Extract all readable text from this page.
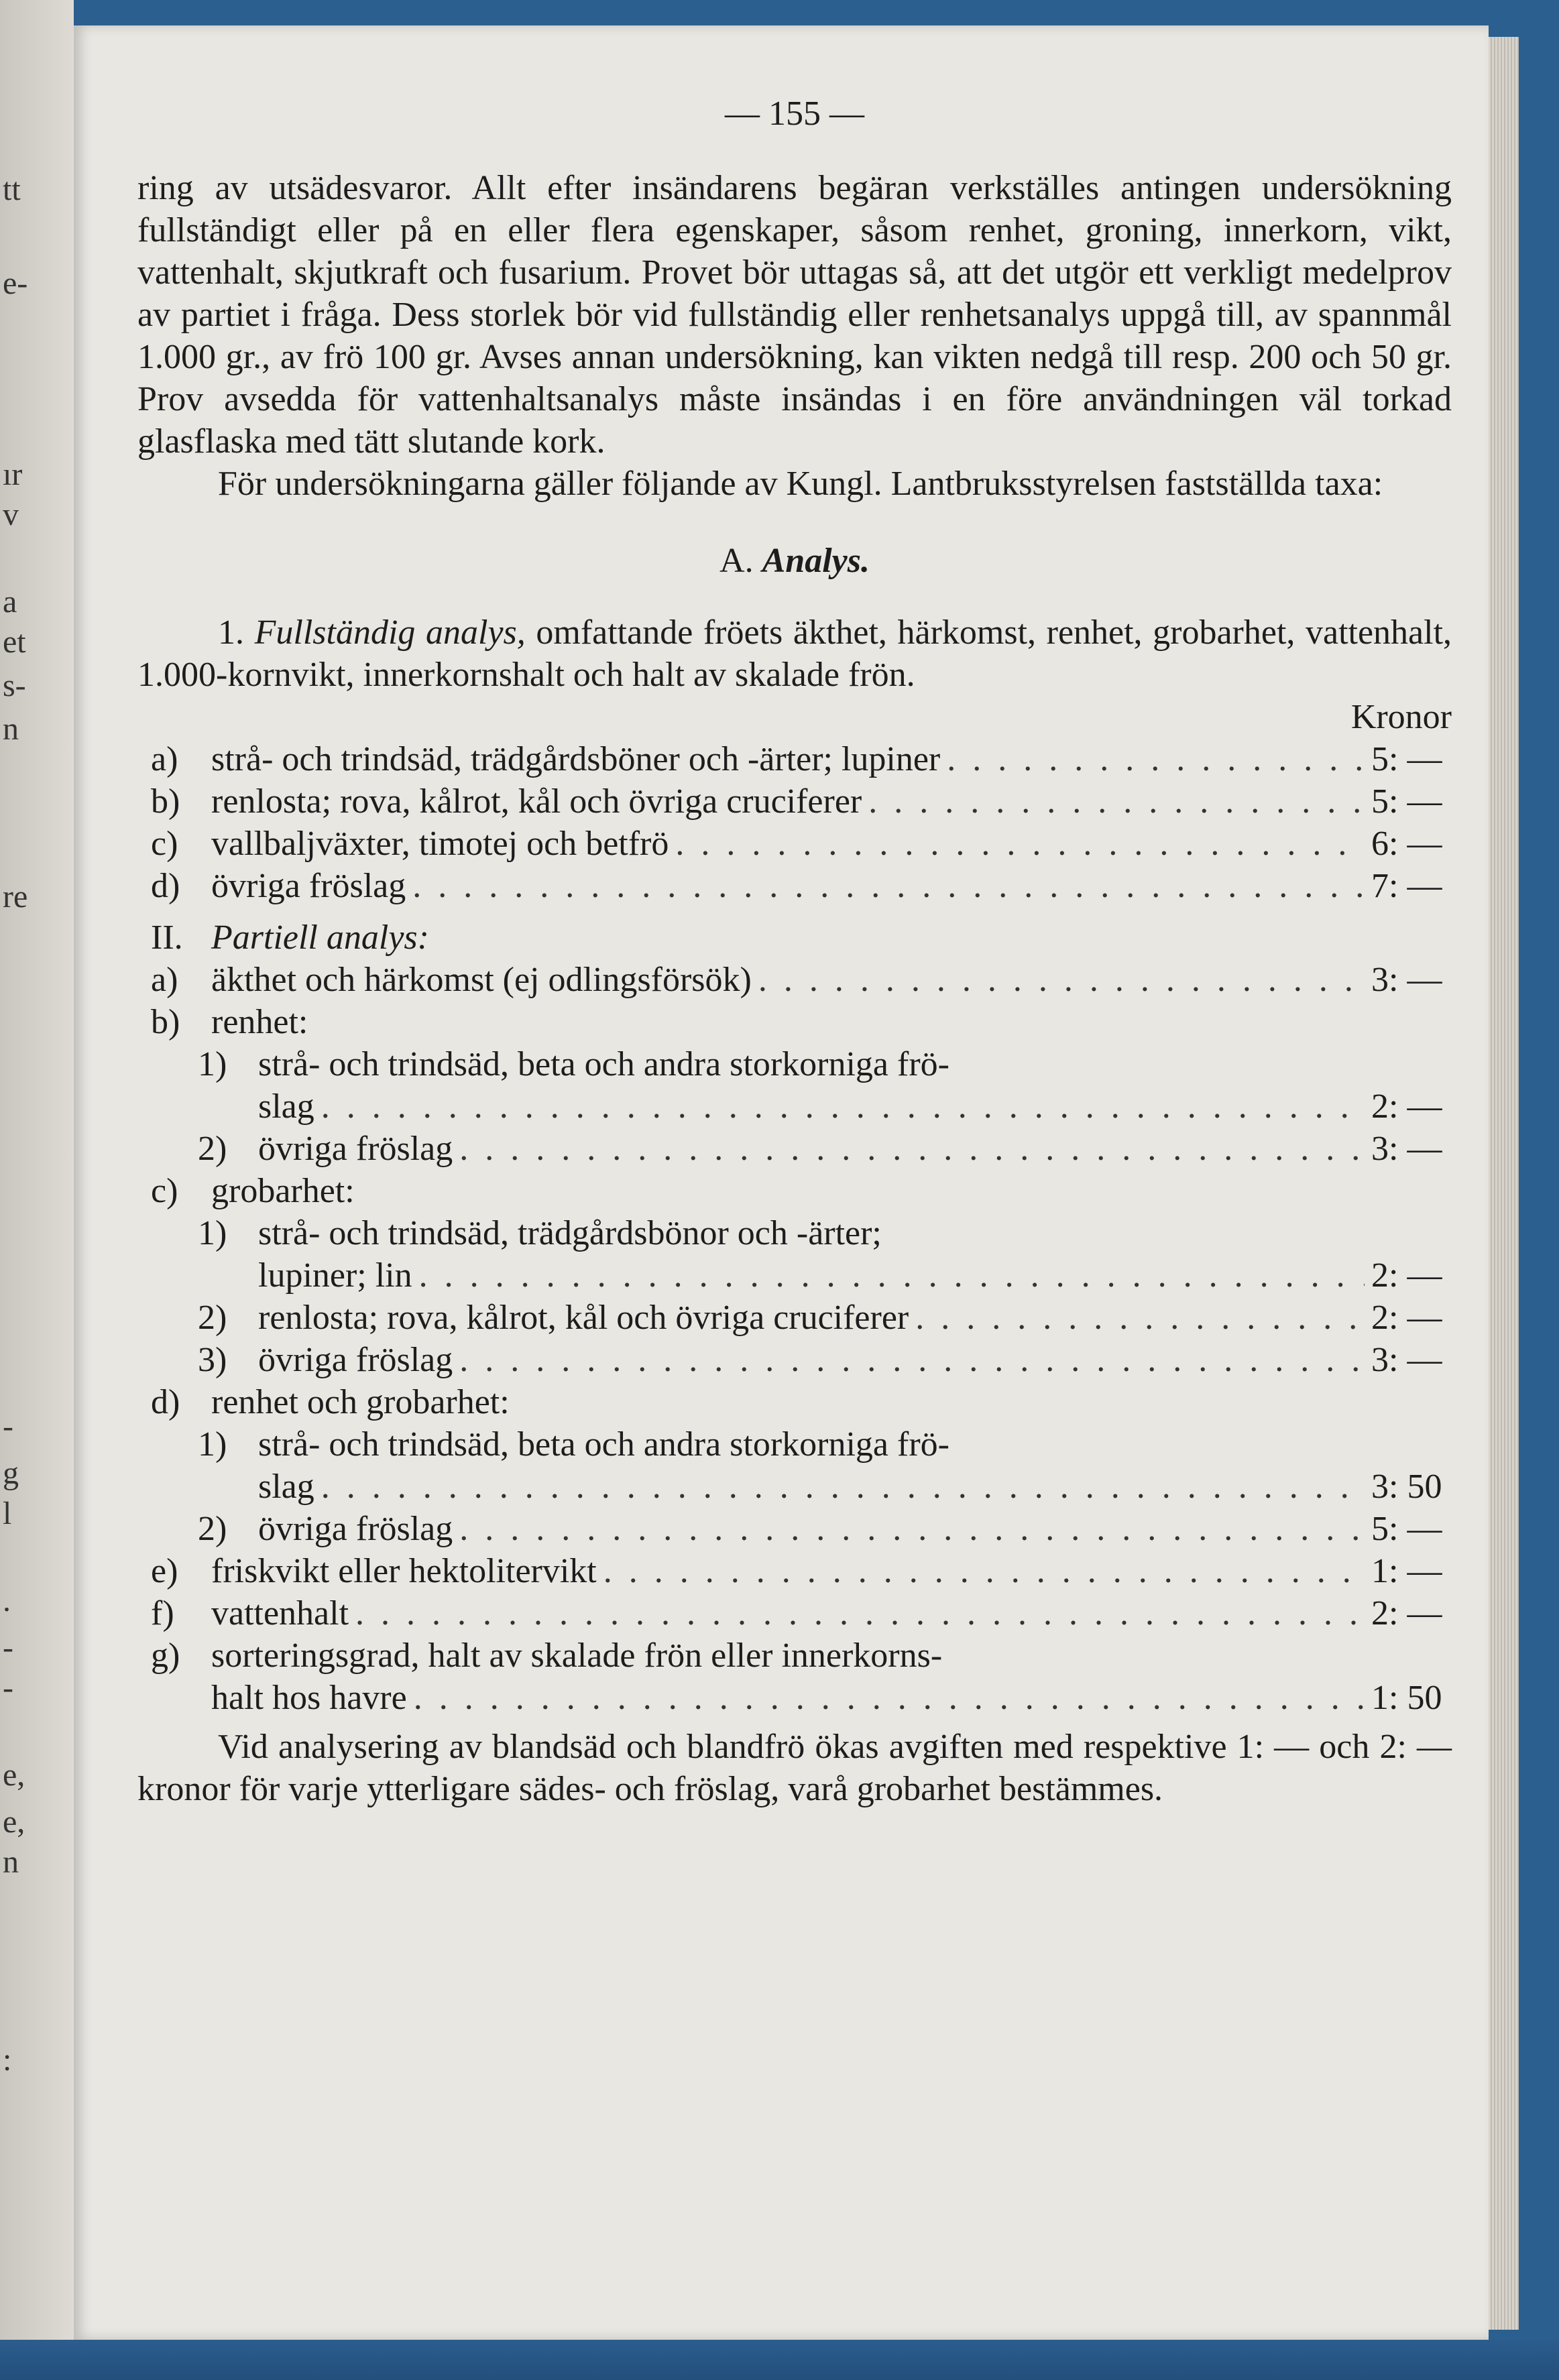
tt
e-
ır
v
a
et
s-
n
re
-
g
l
.
-
-
e,
e,
n
:
— 155 —

ring av utsädesvaror. Allt efter insändarens begäran verkställes antingen undersökning fullständigt eller på en eller flera egenskaper, såsom renhet, groning, innerkorn, vikt, vattenhalt, skjutkraft och fusarium. Provet bör uttagas så, att det utgör ett verkligt medelprov av partiet i fråga. Dess storlek bör vid fullständig eller renhetsanalys uppgå till, av spannmål 1.000 gr., av frö 100 gr. Avses annan undersökning, kan vikten nedgå till resp. 200 och 50 gr. Prov avsedda för vattenhaltsanalys måste insändas i en före användningen väl torkad glasflaska med tätt slutande kork.

För undersökningarna gäller följande av Kungl. Lantbruksstyrelsen fastställda taxa:

A. Analys.

1. Fullständig analys, omfattande fröets äkthet, härkomst, renhet, grobarhet, vattenhalt, 1.000-kornvikt, innerkornshalt och halt av skalade frön.

Kronor
a) strå- och trindsäd, trädgårdsböner och -ärter; lupiner . . .	5: —
b) renlosta; rova, kålrot, kål och övriga cruciferer . . .	5: —
c) vallbaljväxter, timotej och betfrö . . .	6: —
d) övriga fröslag . . .	7: —
II. Partiell analys:
a) äkthet och härkomst (ej odlingsförsök) . . .	3: —
b) renhet:
1) strå- och trindsäd, beta och andra storkorniga frö-
slag . . .	2: —
2) övriga fröslag . . .	3: —
c) grobarhet:
1) strå- och trindsäd, trädgårdsbönor och -ärter;
lupiner; lin . . .	2: —
2) renlosta; rova, kålrot, kål och övriga cruciferer . . .	2: —
3) övriga fröslag . . .	3: —
d) renhet och grobarhet:
1) strå- och trindsäd, beta och andra storkorniga frö-
slag . . .	3: 50
2) övriga fröslag . . .	5: —
e) friskvikt eller hektolitervikt . . .	1: —
f) vattenhalt . . .	2: —
g) sorteringsgrad, halt av skalade frön eller innerkorns-
halt hos havre . . .	1: 50

Vid analysering av blandsäd och blandfrö ökas avgiften med respektive 1: — och 2: — kronor för varje ytterligare sädes- och fröslag, varå grobarhet bestämmes.
